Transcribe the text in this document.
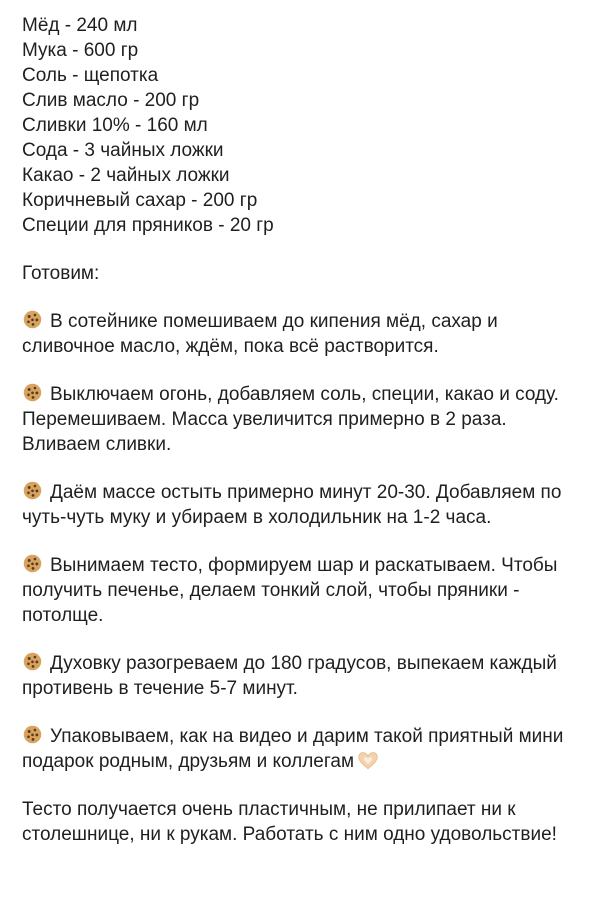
Мёд - 240 мл
Мука - 600 гр
Соль - щепотка
Слив масло - 200 гр
Сливки 10% - 160 мл
Сода - 3 чайных ложки
Какао - 2 чайных ложки
Коричневый сахар - 200 гр
Специи для пряников - 20 гр

Готовим:

В сотейнике помешиваем до кипения мёд, сахар и сливочное масло, ждём, пока всё растворится.

Выключаем огонь, добавляем соль, специи, какао и соду. Перемешиваем. Масса увеличится примерно в 2 раза. Вливаем сливки.

Даём массе остыть примерно минут 20-30. Добавляем по чуть-чуть муку и убираем в холодильник на 1-2 часа.

Вынимаем тесто, формируем шар и раскатываем. Чтобы получить печенье, делаем тонкий слой, чтобы пряники - потолще.

Духовку разогреваем до 180 градусов, выпекаем каждый противень в течение 5-7 минут.

Упаковываем, как на видео и дарим такой приятный мини подарок родным, друзьям и коллегам

Тесто получается очень пластичным, не прилипает ни к столешнице, ни к рукам. Работать с ним одно удовольствие!
